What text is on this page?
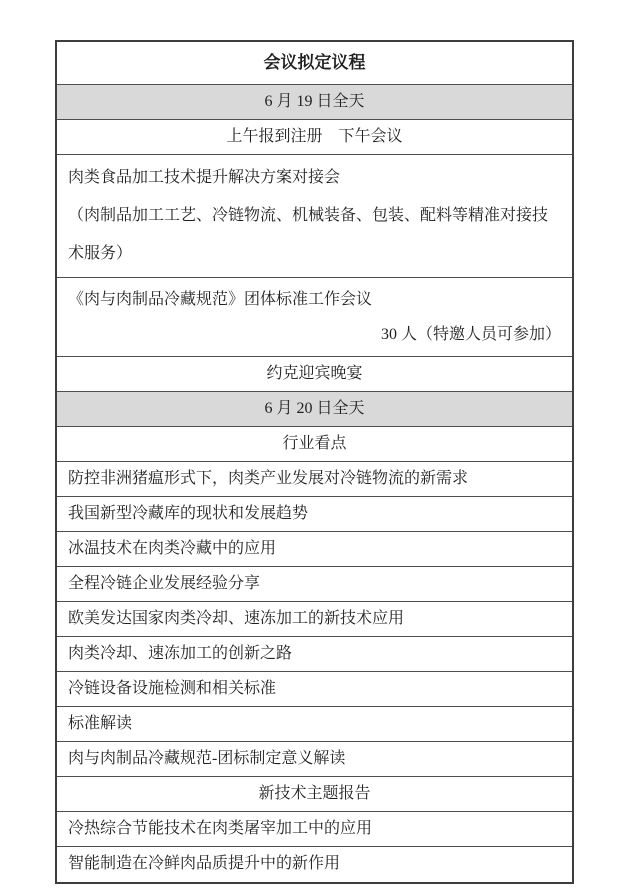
会议拟定议程
6 月 19 日全天
上午报到注册　下午会议
肉类食品加工技术提升解决方案对接会
（肉制品加工工艺、冷链物流、机械装备、包装、配料等精准对接技术服务）
《肉与肉制品冷藏规范》团体标准工作会议
30 人（特邀人员可参加）
约克迎宾晚宴
6 月 20 日全天
行业看点
防控非洲猪瘟形式下，肉类产业发展对冷链物流的新需求
我国新型冷藏库的现状和发展趋势
冰温技术在肉类冷藏中的应用
全程冷链企业发展经验分享
欧美发达国家肉类冷却、速冻加工的新技术应用
肉类冷却、速冻加工的创新之路
冷链设备设施检测和相关标准
标准解读
肉与肉制品冷藏规范-团标制定意义解读
新技术主题报告
冷热综合节能技术在肉类屠宰加工中的应用
智能制造在冷鲜肉品质提升中的新作用
